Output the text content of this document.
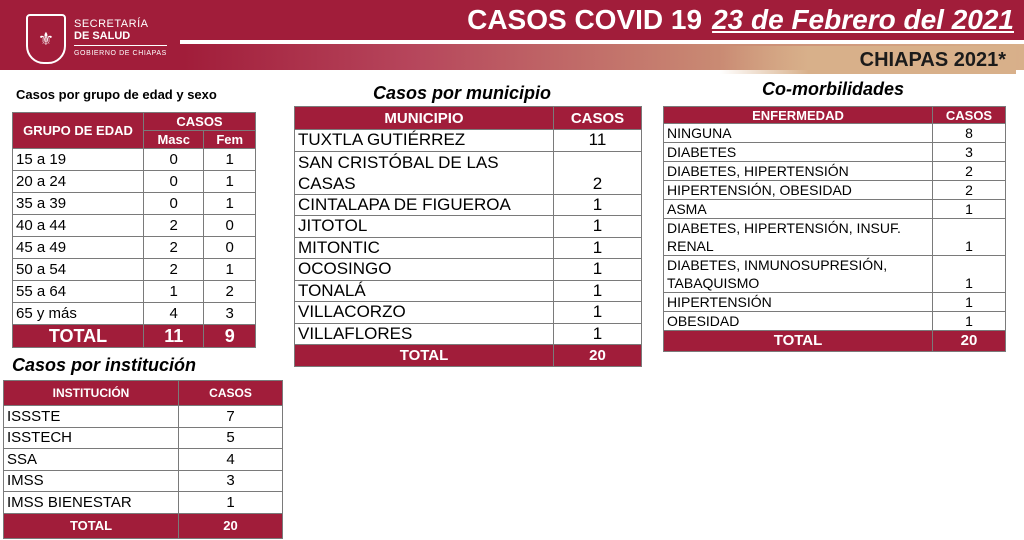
⚜
SECRETARÍA
DE SALUD
GOBIERNO DE CHIAPAS
CASOS COVID 19 23 de Febrero del 2021
CHIAPAS 2021*
Casos por grupo de edad y sexo
GRUPO DE EDAD	CASOS	
	Masc	Fem
15 a 19	0	1
20 a 24	0	1
35 a 39	0	1
40 a 44	2	0
45 a 49	2	0
50 a 54	2	1
55 a 64	1	2
65 y más	4	3
TOTAL	11	9
Casos por institución
INSTITUCIÓN	CASOS
ISSSTE	7
ISSTECH	5
SSA	4
IMSS	3
IMSS BIENESTAR	1
TOTAL	20
Casos por municipio
MUNICIPIO	CASOS
TUXTLA GUTIÉRREZ	11
SAN CRISTÓBAL DE LAS CASAS	2
CINTALAPA DE FIGUEROA	1
JITOTOL	1
MITONTIC	1
OCOSINGO	1
TONALÁ	1
VILLACORZO	1
VILLAFLORES	1
TOTAL	20
Co-morbilidades
ENFERMEDAD	CASOS
NINGUNA	8
DIABETES	3
DIABETES, HIPERTENSIÓN	2
HIPERTENSIÓN, OBESIDAD	2
ASMA	1
DIABETES, HIPERTENSIÓN, INSUF. RENAL	1
DIABETES, INMUNOSUPRESIÓN, TABAQUISMO	1
HIPERTENSIÓN	1
OBESIDAD	1
TOTAL	20
